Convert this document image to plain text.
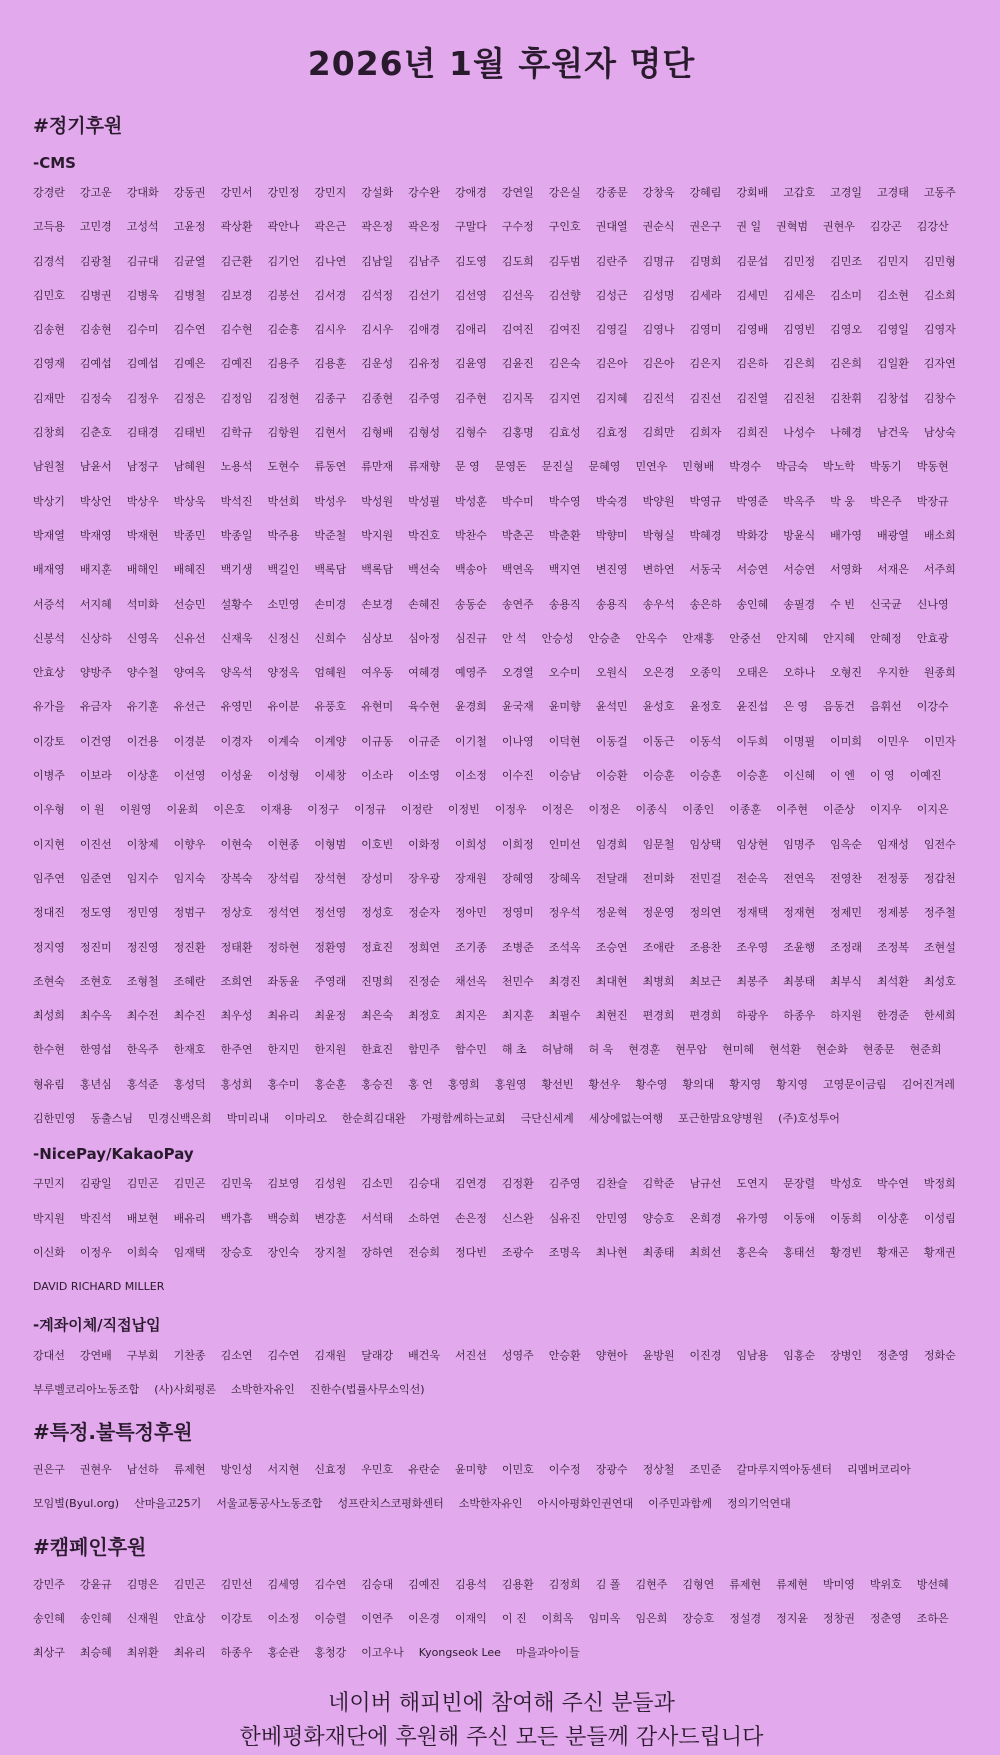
2026년 1월 후원자 명단
#정기후원
-CMS
강경란 강고운 강대화 강동권 강민서 강민정 강민지 강설화 강수완 강애경 강연일 강은실 강종문 강창욱 강혜림 강회배 고갑호 고경일 고경태 고동주
고득용 고민경 고성석 고윤정 곽상환 곽안나 곽은근 곽은정 곽은정 구말다 구수정 구인호 권대열 권순식 권은구 권 일 권혁범 권현우 김강곤 김강산
김경석 김광철 김규대 김균열 김근환 김기언 김나연 김남일 김남주 김도영 김도희 김두범 김란주 김명규 김명희 김문섭 김민정 김민조 김민지 김민형
김민호 김병권 김병욱 김병철 김보경 김봉선 김서경 김석정 김선기 김선영 김선옥 김선향 김성근 김성명 김세라 김세민 김세은 김소미 김소현 김소희
김송현 김송현 김수미 김수연 김수현 김순흥 김시우 김시우 김애경 김애리 김여진 김여진 김영길 김영나 김영미 김영배 김영빈 김영오 김영일 김영자
김영재 김예섭 김예섭 김예은 김예진 김용주 김용훈 김운성 김유정 김윤영 김윤진 김은숙 김은아 김은아 김은지 김은하 김은희 김은희 김일환 김자연
김재만 김정숙 김정우 김정은 김정임 김정현 김종구 김종현 김주영 김주현 김지목 김지연 김지혜 김진석 김진선 김진열 김진천 김찬휘 김창섭 김창수
김창희 김춘호 김태경 김태빈 김학규 김항원 김현서 김형배 김형성 김형수 김홍명 김효성 김효정 김희만 김희자 김희진 나성수 나혜경 남건욱 남상숙
남원철 남윤서 남정구 남혜원 노용석 도현수 류동연 류만재 류재향 문 영 문영돈 문진실 문혜영 민연우 민형배 박경수 박금숙 박노학 박동기 박동현
박상기 박상언 박상우 박상욱 박석진 박선희 박성우 박성원 박성필 박성훈 박수미 박수영 박숙경 박양원 박영규 박영준 박옥주 박 웅 박은주 박장규
박재열 박재영 박재현 박종민 박종일 박주용 박준철 박지원 박진호 박찬수 박춘곤 박춘환 박향미 박형실 박혜경 박화강 방윤식 배가영 배광열 배소희
배재영 배지훈 배해인 배혜진 백기생 백길인 백록담 백록담 백선숙 백송아 백연옥 백지연 변진영 변하연 서동국 서승연 서승연 서영화 서재은 서주희
서증석 서지혜 석미화 선승민 설황수 소민영 손미경 손보경 손혜진 송동순 송연주 송용직 송용직 송우석 송은하 송인혜 송필경 수 빈 신국균 신나영
신봉석 신상하 신영옥 신유선 신재욱 신정신 신희수 심상보 심아정 심진규 안 석 안승성 안승춘 안옥수 안재홍 안중선 안지혜 안지혜 안혜정 안효광
안효상 양방주 양수철 양여옥 양옥석 양정옥 엄혜원 여우동 여혜경 예영주 오경열 오수미 오원식 오은경 오종익 오태은 오하나 오형진 우지한 원종희
유가을 유금자 유기훈 유선근 유영민 유이분 유풍호 유현미 육수현 윤경희 윤국재 윤미향 윤석민 윤성호 윤정호 윤진섭 은 영 음동건 음휘선 이강수
이강토 이건영 이건용 이경분 이경자 이계숙 이계양 이규동 이규준 이기철 이나영 이덕현 이동걸 이동근 이동석 이두희 이명필 이미희 이민우 이민자
이병주 이보라 이상훈 이선영 이성윤 이성형 이세창 이소라 이소영 이소정 이수진 이승남 이승환 이승훈 이승훈 이승훈 이신혜 이 엔 이 영 이예진
이우형 이 원 이원영 이윤희 이은호 이재용 이정구 이정규 이정란 이정빈 이정우 이정은 이정은 이종식 이종인 이종훈 이주현 이준상 이지우 이지은
이지현 이진선 이창제 이향우 이현숙 이현종 이형범 이호빈 이화정 이희성 이희정 인미선 임경희 임문철 임상택 임상현 임명주 임옥순 임재성 임전수
임주연 임준연 임지수 임지숙 장복숙 장석림 장석현 장성미 장우광 장재원 장혜영 장혜옥 전달래 전미화 전민걸 전순옥 전연옥 전영찬 전정풍 정갑천
정대진 정도영 정민영 정범구 정상호 정석연 정선영 정성호 정순자 정아민 정영미 정우석 정운혁 정운영 정의연 정재택 정재현 정제민 정제봉 정주철
정지영 정진미 정진영 정진환 정태환 정하현 정환영 정효진 정희연 조기종 조병준 조석옥 조승연 조애란 조용찬 조우영 조윤행 조정래 조정복 조현설
조현숙 조현호 조형철 조혜란 조희연 좌동윤 주영래 진명희 진정순 채선옥 천민수 최경진 최대현 최병희 최보근 최봉주 최봉태 최부식 최석환 최성호
최성희 최수옥 최수전 최수진 최우성 최유리 최윤정 최은숙 최정호 최지은 최지훈 최필수 최현진 편경희 편경희 하광우 하종우 하지원 한경준 한세희
한수현 한영섭 한옥주 한재호 한주연 한지민 한지원 한효진 함민주 함수민 해 초 허남해 허 욱 현경훈 현무암 현미혜 현석환 현순화 현종문 현준희
형유림 홍년심 홍석준 홍성덕 홍성희 홍수미 홍순훈 홍승진 홍 언 홍영희 홍원영 황선빈 황선우 황수영 황의대 황지영 황지영 고영문이금림 김어진겨레
김한민영 동출스님 민경신백은희 박미리내 이마리오 한순희김대완 가평함께하는교회 극단신세계 세상에없는여행 포근한맘요양병원 (주)호성투어
-NicePay/KakaoPay
구민지 김광일 김민곤 김민곤 김민욱 김보영 김성원 김소민 김승대 김연경 김정환 김주영 김찬슬 김학준 남규선 도연지 문장렬 박성호 박수연 박정희
박지원 박진석 배보현 배유리 백가흠 백승희 변강훈 서석태 소하연 손은정 신스완 심유진 안민영 양승호 온희경 유가영 이동애 이동희 이상훈 이성림
이신화 이정우 이희숙 임재택 장승호 장인숙 장지철 장하연 전승희 정다빈 조광수 조명옥 최나현 최종태 최희선 홍은숙 홍태선 황경빈 황재곤 황재권
DAVID RICHARD MILLER
-계좌이체/직접납입
강대선 강연배 구부회 기찬종 김소연 김수연 김재원 달래강 배건욱 서진선 성영주 안승환 양현아 윤방원 이진경 임남용 임홍순 장병인 정춘영 정화순
부루벨코리아노동조합 (사)사회평론 소박한자유인 진한수(법률사무소익선)
#특정.불특정후원
권은구 권현우 남선하 류제현 방인성 서지현 신효정 우민호 유란순 윤미향 이민호 이수정 장광수 정상철 조민준 갈마루지역아동센터 리멤버코리아
모임별(Byul.org) 산마을고25기 서울교통공사노동조합 성프란치스코평화센터 소박한자유인 아시아평화인권연대 이주민과함께 정의기억연대
#캠페인후원
강민주 강윤규 김명은 김민곤 김민선 김세영 김수연 김승대 김예진 김용석 김용환 김정희 김 폴 김현주 김형연 류제현 류제현 박미영 박위호 방선혜
송인혜 송인혜 신재원 안효상 이강토 이소정 이승렬 이연주 이은경 이재익 이 진 이희옥 임미옥 임은희 장승호 정설경 정지윤 정창권 정춘영 조하은
최상구 최승혜 최위환 최유리 하종우 홍순관 홍청강 이고우나 Kyongseok Lee 마을과아이들
네이버 해피빈에 참여해 주신 분들과
한베평화재단에 후원해 주신 모든 분들께 감사드립니다
